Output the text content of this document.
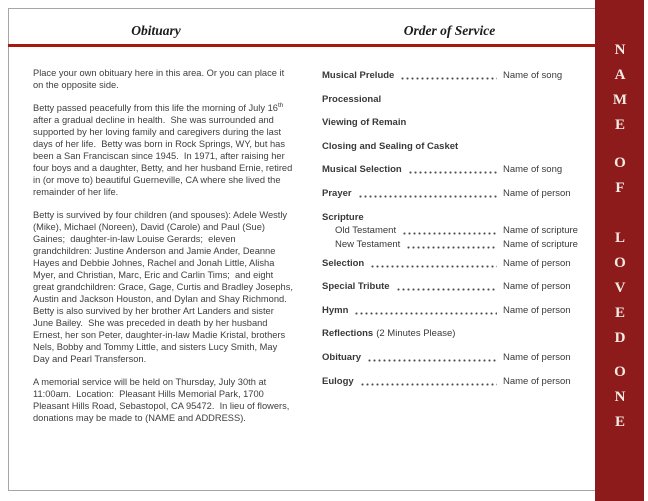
Obituary	Order of Service

Place your own obituary here in this area. Or you can place it on the opposite side.

Betty passed peacefully from this life the morning of July 16th after a gradual decline in health.  She was surrounded and supported by her loving family and caregivers during the last days of her life.  Betty was born in Rock Springs, WY, but has been a San Franciscan since 1945.  In 1971, after raising her four boys and a daughter, Betty, and her husband Ernie, retired in (or move to) beautiful Guerneville, CA where she lived the remainder of her life.

Betty is survived by four children (and spouses): Adele Westly (Mike), Michael (Noreen), David (Carole) and Paul (Sue) Gaines;  daughter-in-law Louise Gerards;  eleven grandchildren: Justine Anderson and Jamie Ander, Deanne Hayes and Debbie Johnes, Rachel and Jonah Little, Alisha Myer, and Christian, Marc, Eric and Carlin Tims;  and eight great grandchildren: Grace, Gage, Curtis and Bradley Josephs, Austin and Jackson Houston, and Dylan and Shay Richmond.  Betty is also survived by her brother Art Landers and sister June Bailey.  She was preceded in death by her husband Ernest, her son Peter, daughter-in-law Madie Kristal, brothers Nels, Bobby and Tommy Little, and sisters Lucy Smith, May Day and Pearl Transferson.

A memorial service will be held on Thursday, July 30th at 11:00am.  Location:  Pleasant Hills Memorial Park, 1700 Pleasant Hills Road, Sebastopol, CA 95472.  In lieu of flowers, donations may be made to (NAME and ADDRESS).

Musical Prelude	Name of song
Processional
Viewing of Remain
Closing and Sealing of Casket
Musical Selection	Name of song
Prayer	Name of person
Scripture
Old Testament	Name of scripture
New Testament	Name of scripture
Selection	Name of person
Special Tribute	Name of person
Hymn	Name of person
Reflections (2 Minutes Please)
Obituary	Name of person
Eulogy	Name of person
NAME
OF
LOVED
ONE
